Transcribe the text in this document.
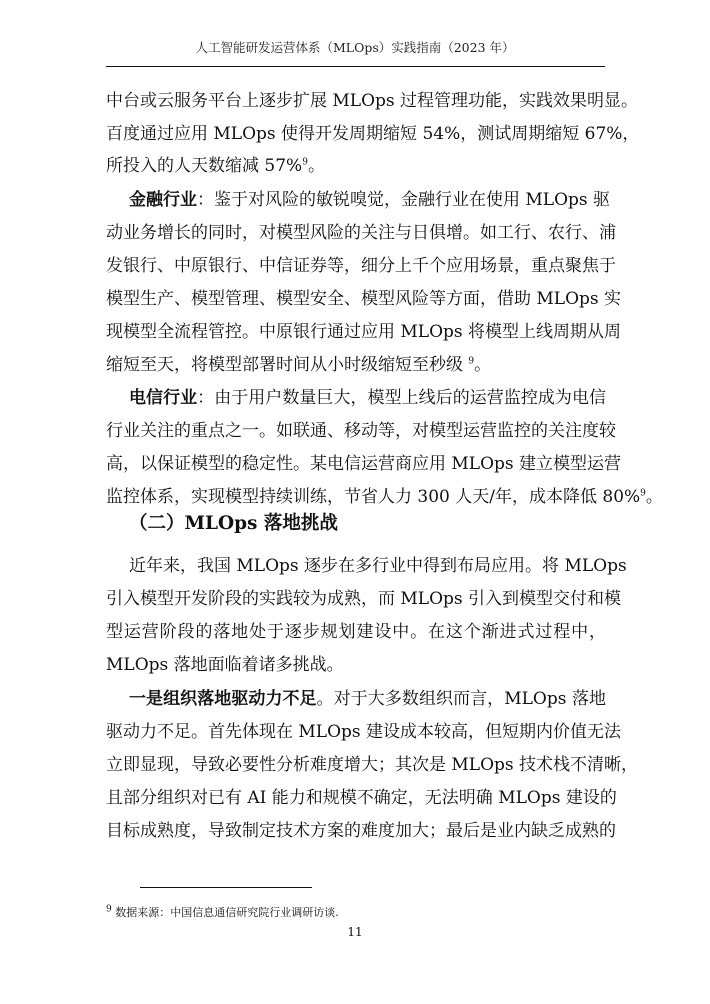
人工智能研发运营体系（MLOps）实践指南（2023 年）
中台或云服务平台上逐步扩展 MLOps 过程管理功能，实践效果明显。
百度通过应用 MLOps 使得开发周期缩短 54%，测试周期缩短 67%，
所投入的人天数缩减 57%$^9$。
金融行业：鉴于对风险的敏锐嗅觉，金融行业在使用 MLOps 驱
动业务增长的同时，对模型风险的关注与日俱增。如工行、农行、浦
发银行、中原银行、中信证券等，细分上千个应用场景，重点聚焦于
模型生产、模型管理、模型安全、模型风险等方面，借助 MLOps 实
现模型全流程管控。中原银行通过应用 MLOps 将模型上线周期从周
缩短至天，将模型部署时间从小时级缩短至秒级 $^9$。
电信行业：由于用户数量巨大，模型上线后的运营监控成为电信
行业关注的重点之一。如联通、移动等，对模型运营监控的关注度较
高，以保证模型的稳定性。某电信运营商应用 MLOps 建立模型运营
监控体系，实现模型持续训练，节省人力 300 人天/年，成本降低 80%$^9$。
（二）MLOps 落地挑战
近年来，我国 MLOps 逐步在多行业中得到布局应用。将 MLOps
引入模型开发阶段的实践较为成熟，而 MLOps 引入到模型交付和模
型运营阶段的落地处于逐步规划建设中。在这个渐进式过程中，
MLOps 落地面临着诸多挑战。
一是组织落地驱动力不足。对于大多数组织而言，MLOps 落地
驱动力不足。首先体现在 MLOps 建设成本较高，但短期内价值无法
立即显现，导致必要性分析难度增大；其次是 MLOps 技术栈不清晰，
且部分组织对已有 AI 能力和规模不确定，无法明确 MLOps 建设的
目标成熟度，导致制定技术方案的难度加大；最后是业内缺乏成熟的
$^9$ 数据来源：中国信息通信研究院行业调研访谈.
11
